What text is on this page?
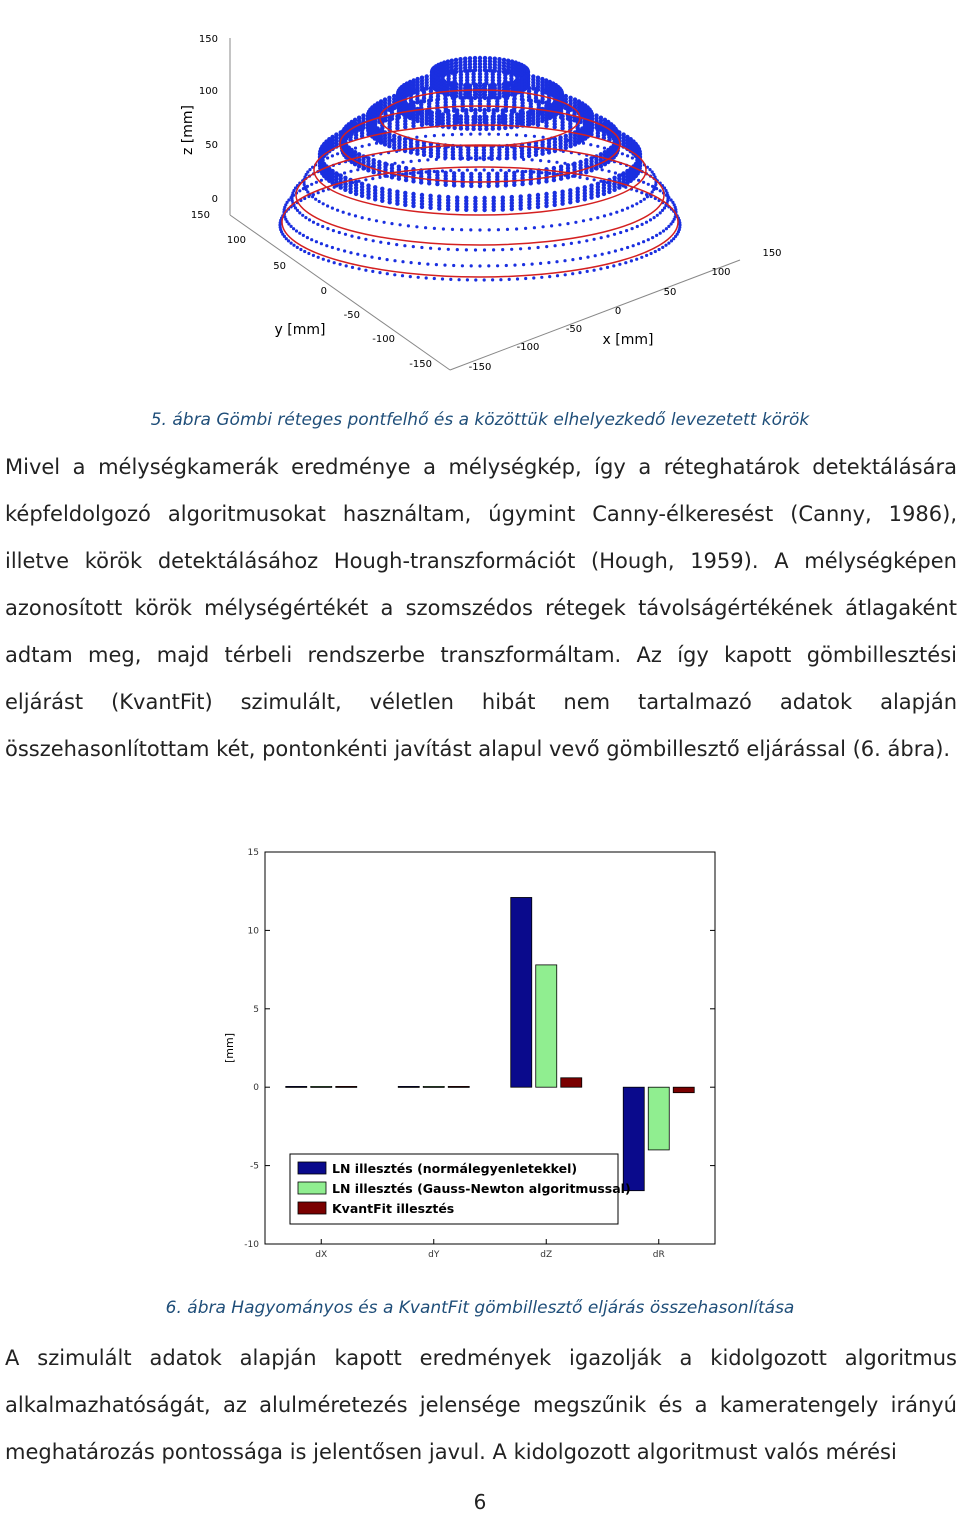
150
100
50
0
150
100
50
0
-50
-100
-150	-150
-100
-50
0
50
100
150
z [mm]
y [mm]
x [mm]
5. ábra Gömbi réteges pontfelhő és a közöttük elhelyezkedő levezetett körök

Mivel a mélységkamerák eredménye a mélységkép, így a réteghatárok detektálására képfeldolgozó algoritmusokat használtam, úgymint Canny-élkeresést (Canny, 1986), illetve körök detektálásához Hough-transzformációt (Hough, 1959). A mélységképen azonosított körök mélységértékét a szomszédos rétegek távolságértékének átlagaként adtam meg, majd térbeli rendszerbe transzformáltam. Az így kapott gömbillesztési eljárást (KvantFit) szimulált, véletlen hibát nem tartalmazó adatok alapján összehasonlítottam két, pontonkénti javítást alapul vevő gömbillesztő eljárással (6. ábra).

-10
-5
0
5
10
15
[mm]
dX	dY	dZ	dR
LN illesztés (normálegyenletekkel)
LN illesztés (Gauss-Newton algoritmussal)
KvantFit illesztés
6. ábra Hagyományos és a KvantFit gömbillesztő eljárás összehasonlítása

A szimulált adatok alapján kapott eredmények igazolják a kidolgozott algoritmus alkalmazhatóságát, az alulméretezés jelensége megszűnik és a kameratengely irányú meghatározás pontossága is jelentősen javul. A kidolgozott algoritmust valós mérési

6
